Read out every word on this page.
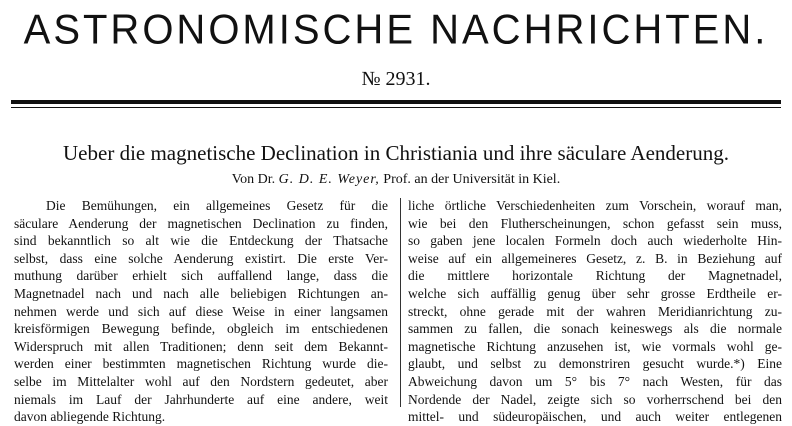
ASTRONOMISCHE NACHRICHTEN.
№ 2931.
Ueber die magnetische Declination in Christiania und ihre säculare Aenderung.
Von Dr. G. D. E. Weyer, Prof. an der Universität in Kiel.
Die Bemühungen, ein allgemeines Gesetz für die
säculare Aenderung der magnetischen Declination zu finden,
sind bekanntlich so alt wie die Entdeckung der Thatsache
selbst, dass eine solche Aenderung existirt. Die erste Ver-
muthung darüber erhielt sich auffallend lange, dass die
Magnetnadel nach und nach alle beliebigen Richtungen an-
nehmen werde und sich auf diese Weise in einer langsamen
kreisförmigen Bewegung befinde, obgleich im entschiedenen
Widerspruch mit allen Traditionen; denn seit dem Bekannt-
werden einer bestimmten magnetischen Richtung wurde die-
selbe im Mittelalter wohl auf den Nordstern gedeutet, aber
niemals im Lauf der Jahrhunderte auf eine andere, weit
davon abliegende Richtung.
liche örtliche Verschiedenheiten zum Vorschein, worauf man,
wie bei den Flutherscheinungen, schon gefasst sein muss,
so gaben jene localen Formeln doch auch wiederholte Hin-
weise auf ein allgemeineres Gesetz, z. B. in Beziehung auf
die mittlere horizontale Richtung der Magnetnadel,
welche sich auffällig genug über sehr grosse Erdtheile er-
streckt, ohne gerade mit der wahren Meridianrichtung zu-
sammen zu fallen, die sonach keineswegs als die normale
magnetische Richtung anzusehen ist, wie vormals wohl ge-
glaubt, und selbst zu demonstriren gesucht wurde.*) Eine
Abweichung davon um 5° bis 7° nach Westen, für das
Nordende der Nadel, zeigte sich so vorherrschend bei den
mittel- und südeuropäischen, und auch weiter entlegenen
